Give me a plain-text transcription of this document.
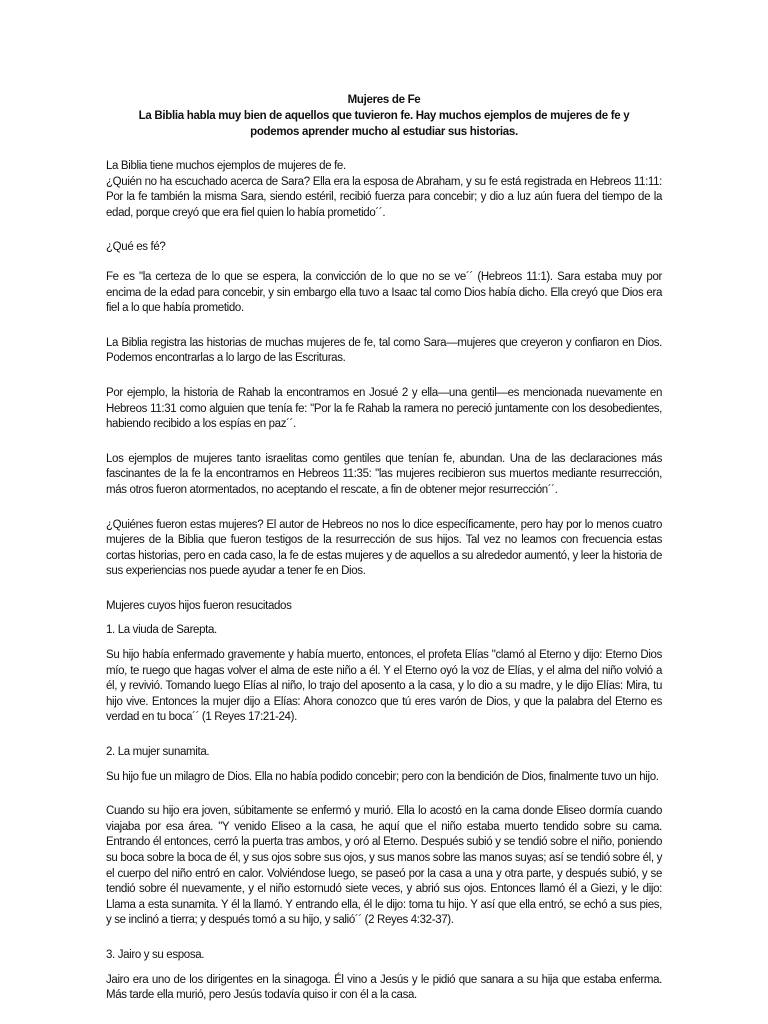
Mujeres de Fe
La Biblia habla muy bien de aquellos que tuvieron fe. Hay muchos ejemplos de mujeres de fe y podemos aprender mucho al estudiar sus historias.

La Biblia tiene muchos ejemplos de mujeres de fe.

¿Quién no ha escuchado acerca de Sara? Ella era la esposa de Abraham, y su fe está registrada en Hebreos 11:11: Por la fe también la misma Sara, siendo estéril, recibió fuerza para concebir; y dio a luz aún fuera del tiempo de la edad, porque creyó que era fiel quien lo había prometido´´.

¿Qué es fé?

Fe es "la certeza de lo que se espera, la convicción de lo que no se ve´´ (Hebreos 11:1). Sara estaba muy por encima de la edad para concebir, y sin embargo ella tuvo a Isaac tal como Dios había dicho. Ella creyó que Dios era fiel a lo que había prometido.

La Biblia registra las historias de muchas mujeres de fe, tal como Sara—mujeres que creyeron y confiaron en Dios. Podemos encontrarlas a lo largo de las Escrituras.

Por ejemplo, la historia de Rahab la encontramos en Josué 2 y ella—una gentil—es mencionada nuevamente en Hebreos 11:31 como alguien que tenía fe: "Por la fe Rahab la ramera no pereció juntamente con los desobedientes, habiendo recibido a los espías en paz´´.

Los ejemplos de mujeres tanto israelitas como gentiles que tenían fe, abundan. Una de las declaraciones más fascinantes de la fe la encontramos en Hebreos 11:35: "las mujeres recibieron sus muertos mediante resurrección, más otros fueron atormentados, no aceptando el rescate, a fin de obtener mejor resurrección´´.

¿Quiénes fueron estas mujeres? El autor de Hebreos no nos lo dice específicamente, pero hay por lo menos cuatro mujeres de la Biblia que fueron testigos de la resurrección de sus hijos. Tal vez no leamos con frecuencia estas cortas historias, pero en cada caso, la fe de estas mujeres y de aquellos a su alrededor aumentó, y leer la historia de sus experiencias nos puede ayudar a tener fe en Dios.

Mujeres cuyos hijos fueron resucitados

1. La viuda de Sarepta.

Su hijo había enfermado gravemente y había muerto, entonces, el profeta Elías "clamó al Eterno y dijo: Eterno Dios mío, te ruego que hagas volver el alma de este niño a él. Y el Eterno oyó la voz de Elías, y el alma del niño volvió a él, y revivió. Tomando luego Elías al niño, lo trajo del aposento a la casa, y lo dio a su madre, y le dijo Elías: Mira, tu hijo vive. Entonces la mujer dijo a Elías: Ahora conozco que tú eres varón de Dios, y que la palabra del Eterno es verdad en tu boca´´ (1 Reyes 17:21-24).

2. La mujer sunamita.

Su hijo fue un milagro de Dios. Ella no había podido concebir; pero con la bendición de Dios, finalmente tuvo un hijo.

Cuando su hijo era joven, súbitamente se enfermó y murió. Ella lo acostó en la cama donde Eliseo dormía cuando viajaba por esa área. "Y venido Eliseo a la casa, he aquí que el niño estaba muerto tendido sobre su cama. Entrando él entonces, cerró la puerta tras ambos, y oró al Eterno. Después subió y se tendió sobre el niño, poniendo su boca sobre la boca de él, y sus ojos sobre sus ojos, y sus manos sobre las manos suyas; así se tendió sobre él, y el cuerpo del niño entró en calor. Volviéndose luego, se paseó por la casa a una y otra parte, y después subió, y se tendió sobre él nuevamente, y el niño estornudó siete veces, y abrió sus ojos. Entonces llamó él a Giezi, y le dijo: Llama a esta sunamita. Y él la llamó. Y entrando ella, él le dijo: toma tu hijo. Y así que ella entró, se echó a sus pies, y se inclinó a tierra; y después tomó a su hijo, y salió´´ (2 Reyes 4:32-37).

3. Jairo y su esposa.

Jairo era uno de los dirigentes en la sinagoga. Él vino a Jesús y le pidió que sanara a su hija que estaba enferma. Más tarde ella murió, pero Jesús todavía quiso ir con él a la casa.
